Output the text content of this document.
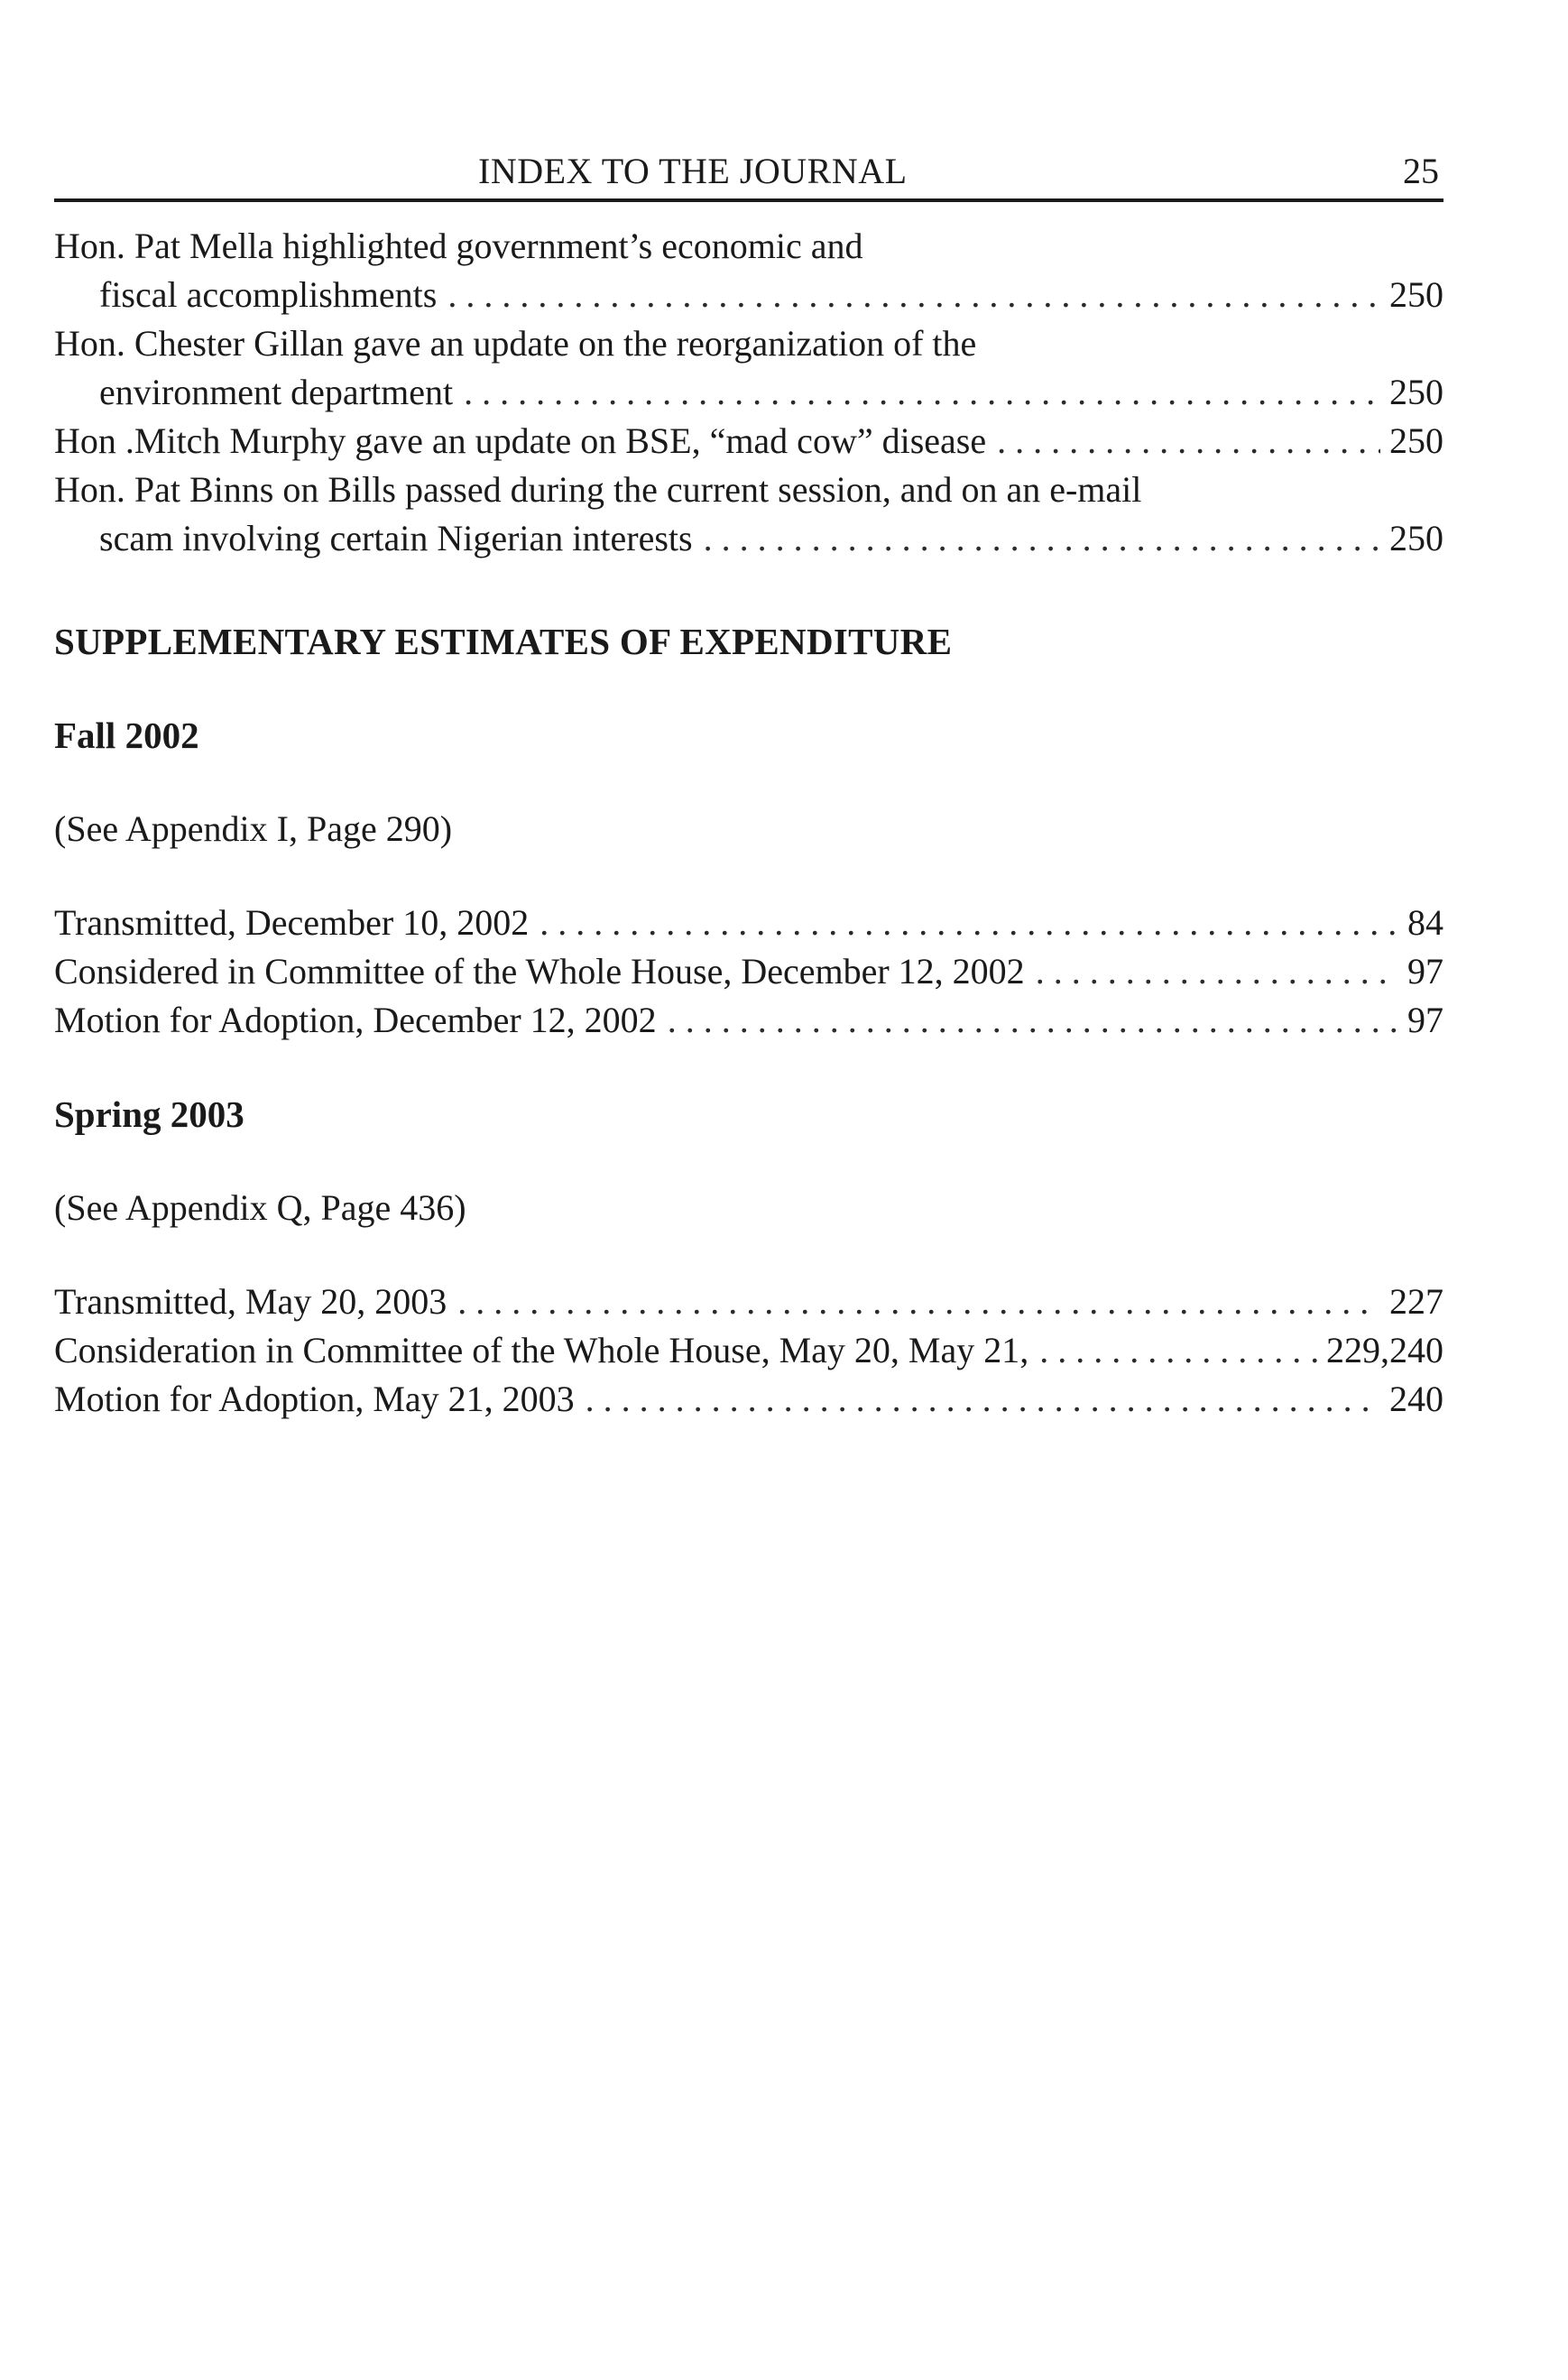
INDEX TO THE JOURNAL	25
Hon. Pat Mella highlighted government’s economic and
fiscal accomplishments . . .	250
Hon. Chester Gillan gave an update on the reorganization of the
environment department . . .	250
Hon .Mitch Murphy gave an update on BSE, “mad cow” disease . . .	250
Hon. Pat Binns on Bills passed during the current session, and on an e-mail
scam involving certain Nigerian interests . . .	250
SUPPLEMENTARY ESTIMATES OF EXPENDITURE
Fall 2002
(See Appendix I, Page 290)
Transmitted, December 10, 2002 . . .	84
Considered in Committee of the Whole House, December 12, 2002 . . .	97
Motion for Adoption, December 12, 2002 . . .	97
Spring 2003
(See Appendix Q, Page 436)
Transmitted, May 20, 2003 . . .	227
Consideration in Committee of the Whole House, May 20, May 21, . . .	229,240
Motion for Adoption, May 21, 2003 . . .	240
